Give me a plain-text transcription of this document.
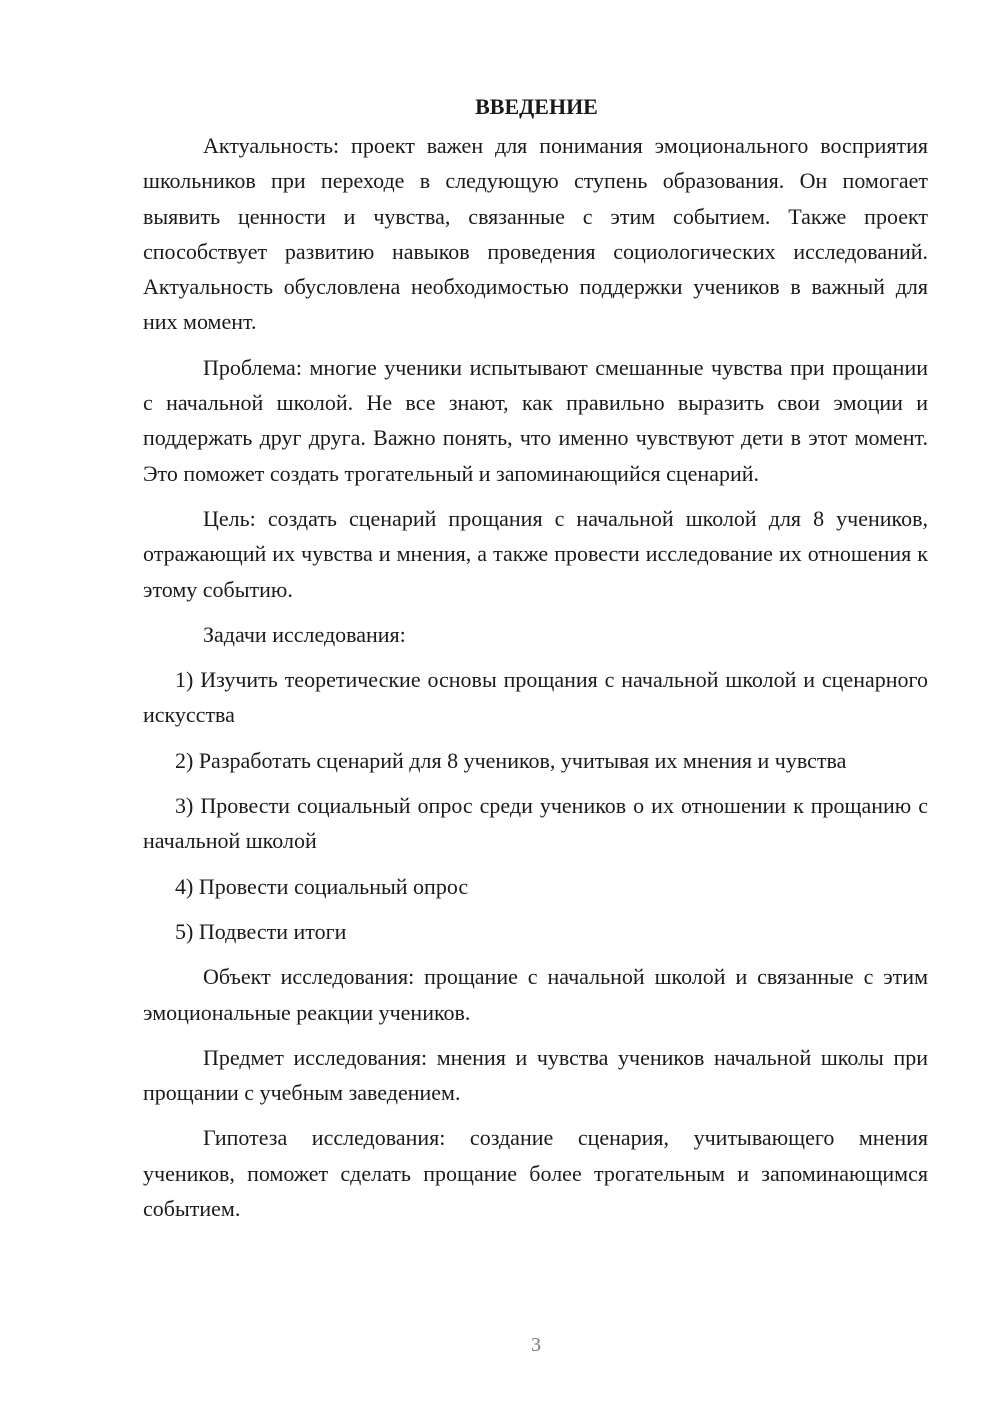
ВВЕДЕНИЕ

Актуальность: проект важен для понимания эмоционального восприятия школьников при переходе в следующую ступень образования. Он помогает выявить ценности и чувства, связанные с этим событием. Также проект способствует развитию навыков проведения социологических исследований. Актуальность обусловлена необходимостью поддержки учеников в важный для них момент.

Проблема: многие ученики испытывают смешанные чувства при прощании с начальной школой. Не все знают, как правильно выразить свои эмоции и поддержать друг друга. Важно понять, что именно чувствуют дети в этот момент. Это поможет создать трогательный и запоминающийся сценарий.

Цель: создать сценарий прощания с начальной школой для 8 учеников, отражающий их чувства и мнения, а также провести исследование их отношения к этому событию.

Задачи исследования:

1) Изучить теоретические основы прощания с начальной школой и сценарного искусства

2) Разработать сценарий для 8 учеников, учитывая их мнения и чувства

3) Провести социальный опрос среди учеников о их отношении к прощанию с начальной школой

4) Провести социальный опрос

5) Подвести итоги

Объект исследования: прощание с начальной школой и связанные с этим эмоциональные реакции учеников.

Предмет исследования: мнения и чувства учеников начальной школы при прощании с учебным заведением.

Гипотеза исследования: создание сценария, учитывающего мнения учеников, поможет сделать прощание более трогательным и запоминающимся событием.

3
